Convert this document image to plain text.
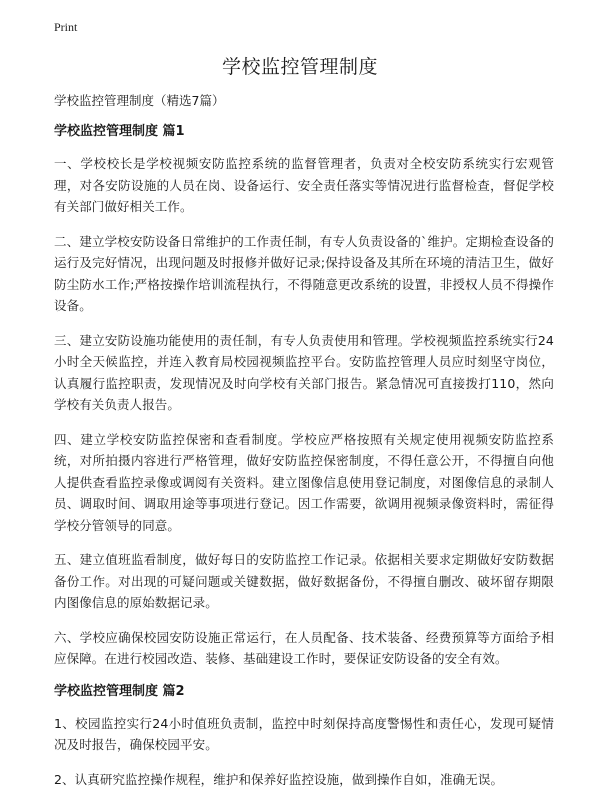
Print
学校监控管理制度

学校监控管理制度（精选7篇）

学校监控管理制度 篇1

一、学校校长是学校视频安防监控系统的监督管理者，负责对全校安防系统实行宏观管理，对各安防设施的人员在岗、设备运行、安全责任落实等情况进行监督检查，督促学校有关部门做好相关工作。

二、建立学校安防设备日常维护的工作责任制，有专人负责设备的`维护。定期检查设备的运行及完好情况，出现问题及时报修并做好记录;保持设备及其所在环境的清洁卫生，做好防尘防水工作;严格按操作培训流程执行，不得随意更改系统的设置，非授权人员不得操作设备。

三、建立安防设施功能使用的责任制，有专人负责使用和管理。学校视频监控系统实行24小时全天候监控，并连入教育局校园视频监控平台。安防监控管理人员应时刻坚守岗位，认真履行监控职责，发现情况及时向学校有关部门报告。紧急情况可直接拨打110，然向学校有关负责人报告。

四、建立学校安防监控保密和查看制度。学校应严格按照有关规定使用视频安防监控系统，对所拍摄内容进行严格管理，做好安防监控保密制度，不得任意公开，不得擅自向他人提供查看监控录像或调阅有关资料。建立图像信息使用登记制度，对图像信息的录制人员、调取时间、调取用途等事项进行登记。因工作需要，欲调用视频录像资料时，需征得学校分管领导的同意。

五、建立值班监看制度，做好每日的安防监控工作记录。依据相关要求定期做好安防数据备份工作。对出现的可疑问题或关键数据，做好数据备份，不得擅自删改、破坏留存期限内图像信息的原始数据记录。

六、学校应确保校园安防设施正常运行，在人员配备、技术装备、经费预算等方面给予相应保障。在进行校园改造、装修、基础建设工作时，要保证安防设备的安全有效。

学校监控管理制度 篇2

1、校园监控实行24小时值班负责制，监控中时刻保持高度警惕性和责任心，发现可疑情况及时报告，确保校园平安。

2、认真研究监控操作规程，维护和保养好监控设施，做到操作自如，准确无误。
